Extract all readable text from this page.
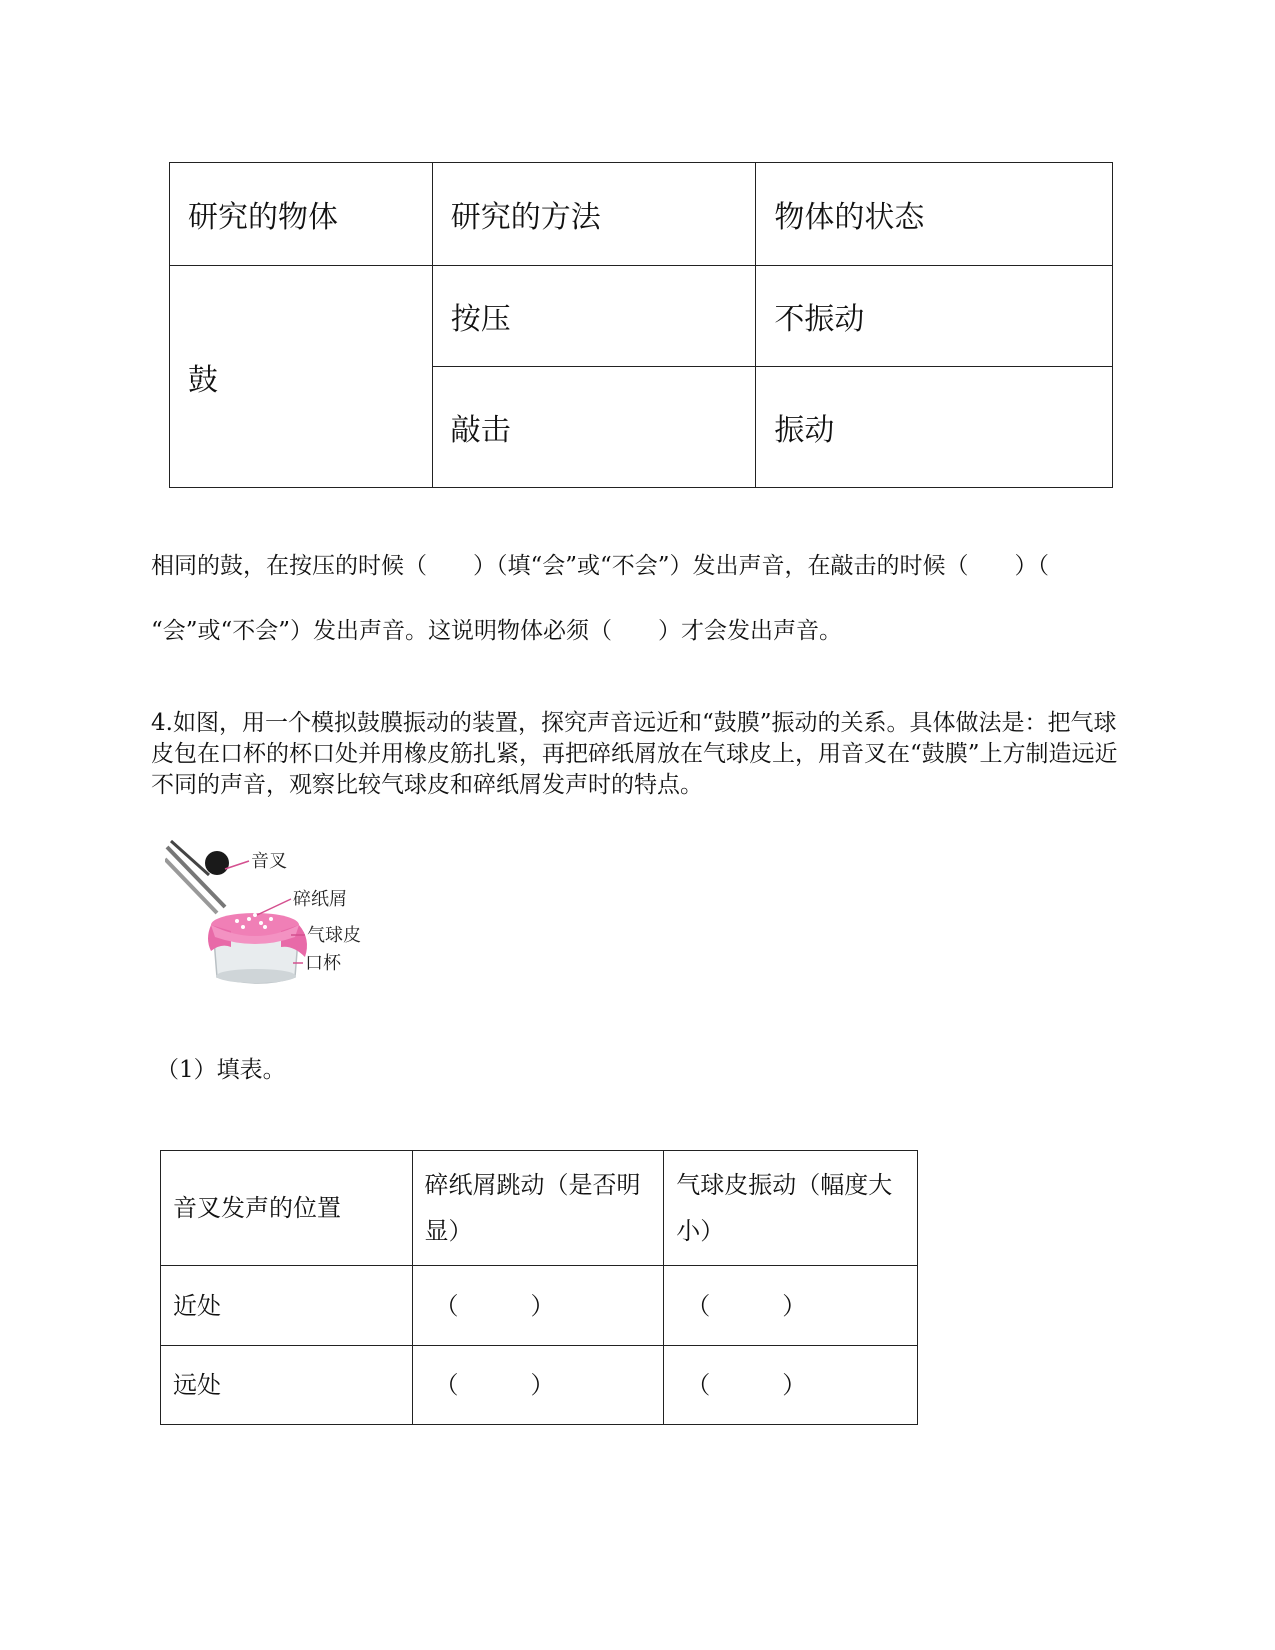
研究的物体	研究的方法	物体的状态
鼓	按压	不振动
	敲击	振动
相同的鼓，在按压的时候（　　）（填“会”或“不会”）发出声音，在敲击的时候（　　）（
“会”或“不会”）发出声音。这说明物体必须（　　）才会发出声音。
4.如图，用一个模拟鼓膜振动的装置，探究声音远近和“鼓膜”振动的关系。具体做法是：把气球皮包在口杯的杯口处并用橡皮筋扎紧，再把碎纸屑放在气球皮上，用音叉在“鼓膜”上方制造远近不同的声音，观察比较气球皮和碎纸屑发声时的特点。
音叉
碎纸屑
气球皮
口杯
（1）填表。
音叉发声的位置	碎纸屑跳动（是否明显）	气球皮振动（幅度大小）
近处	（　　　）	（　　　）
远处	（　　　）	（　　　）
